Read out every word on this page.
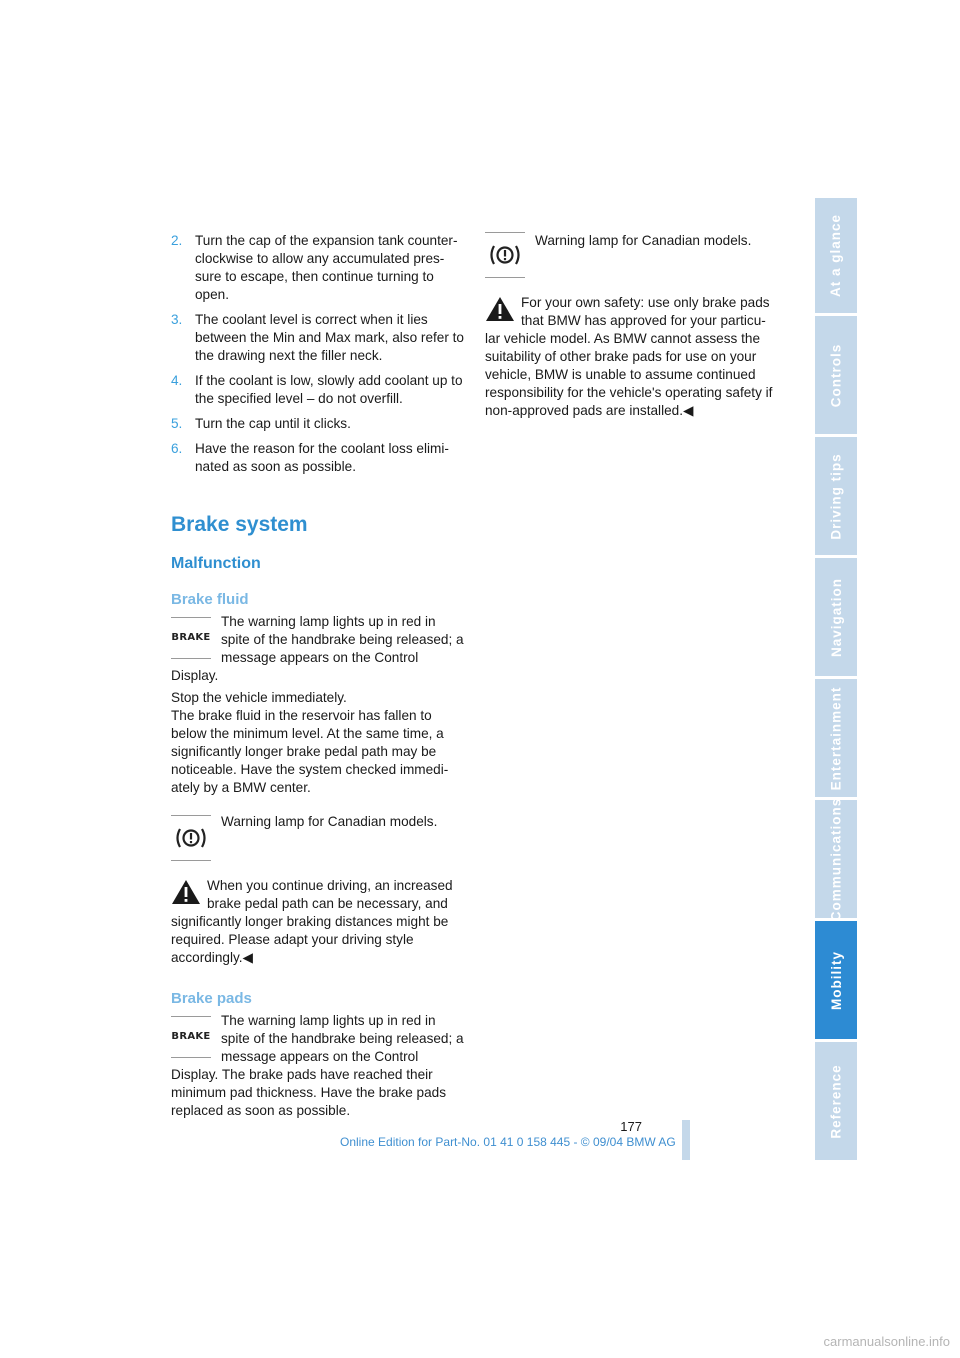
2. Turn the cap of the expansion tank counter-clockwise to allow any accumulated pres-sure to escape, then continue turning to open.
3. The coolant level is correct when it lies between the Min and Max mark, also refer to the drawing next the filler neck.
4. If the coolant is low, slowly add coolant up to the specified level – do not overfill.
5. Turn the cap until it clicks.
6. Have the reason for the coolant loss elimi-nated as soon as possible.
Brake system
Malfunction
Brake fluid
BRAKE
The warning lamp lights up in red in spite of the handbrake being released; a message appears on the Control Display.
Stop the vehicle immediately.
The brake fluid in the reservoir has fallen to below the minimum level. At the same time, a significantly longer brake pedal path may be noticeable. Have the system checked immedi-ately by a BMW center.
Warning lamp for Canadian models.
When you continue driving, an increased brake pedal path can be necessary, and significantly longer braking distances might be required. Please adapt your driving style accordingly.◀
Brake pads
BRAKE
The warning lamp lights up in red in spite of the handbrake being released; a message appears on the Control Display. The brake pads have reached their minimum pad thickness. Have the brake pads replaced as soon as possible.
Warning lamp for Canadian models.
For your own safety: use only brake pads that BMW has approved for your particu-lar vehicle model. As BMW cannot assess the suitability of other brake pads for use on your vehicle, BMW is unable to assume continued responsibility for the vehicle's operating safety if non-approved pads are installed.◀
At a glance
Controls
Driving tips
Navigation
Entertainment
Communications
Mobility
Reference
177
Online Edition for Part-No. 01 41 0 158 445 - © 09/04 BMW AG
carmanualsonline.info
